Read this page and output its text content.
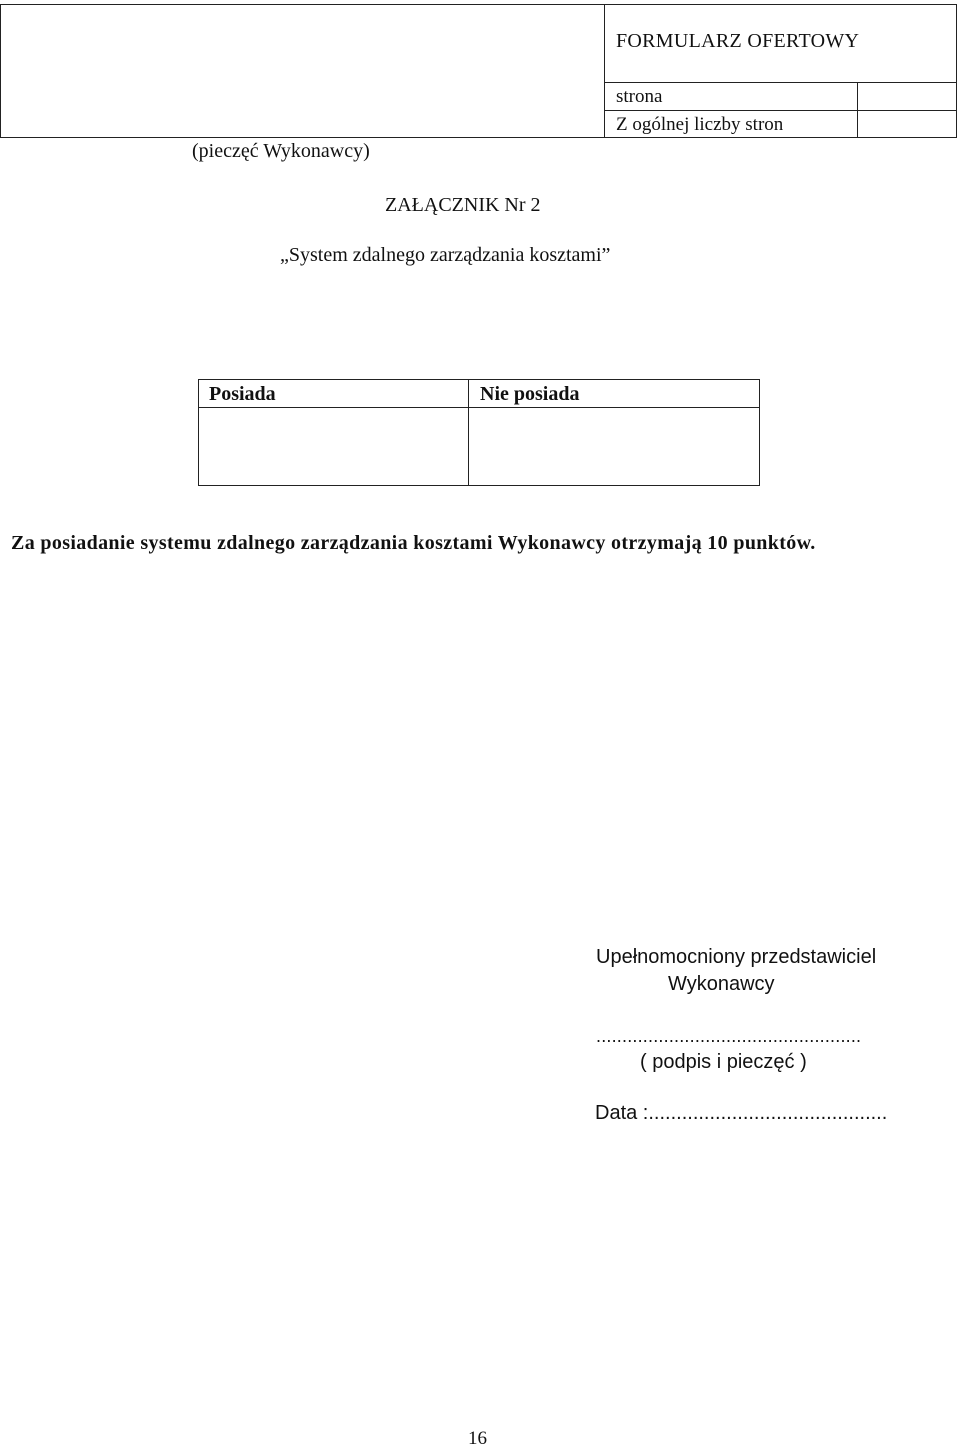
FORMULARZ OFERTOWY
strona
Z ogólnej liczby stron
(pieczęć Wykonawcy)
ZAŁĄCZNIK Nr 2
„System zdalnego zarządzania kosztami”
Posiada	Nie posiada
Za posiadanie systemu zdalnego zarządzania kosztami Wykonawcy otrzymają 10 punktów.
Upełnomocniony przedstawiciel
Wykonawcy
...................................................
( podpis i pieczęć )
Data :...........................................
16
